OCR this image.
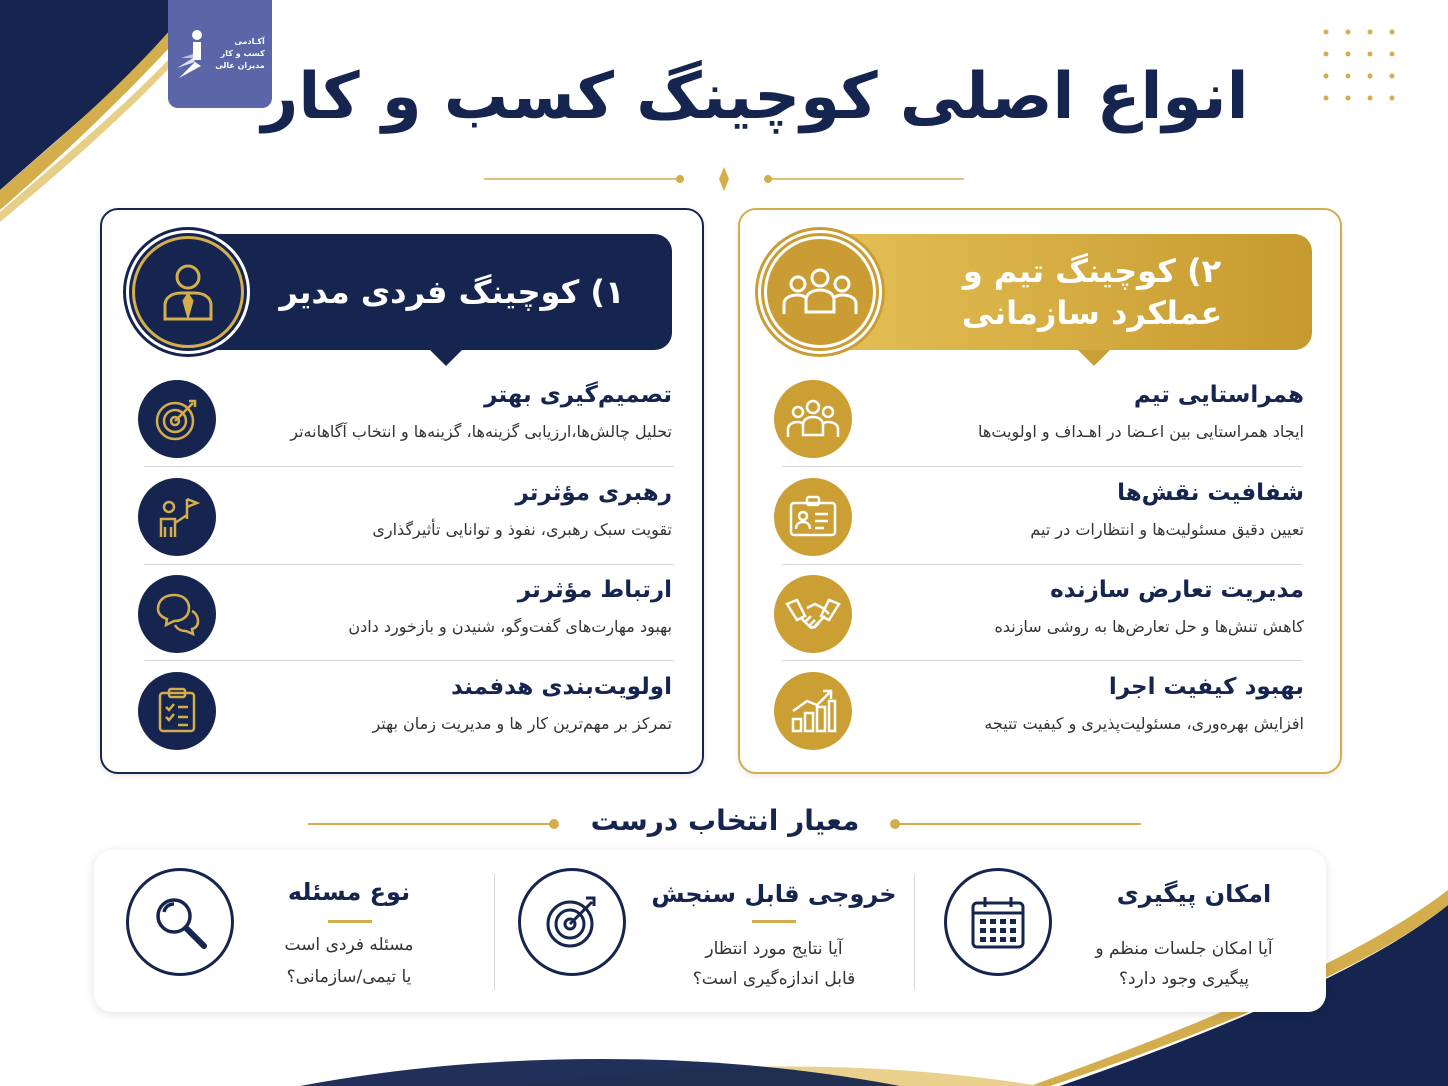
آکـادمی
کسب و کار
مدیران عالی
انواع اصلی کوچینگ کسب و کار
۱) کوچینگ فردی مدیر
تصمیم‌گیری بهتر
تحلیل چالش‌ها،ارزیابی گزینه‌ها، گزینه‌ها و انتخاب آگاهانه‌تر
رهبری مؤثرتر
تقویت سبک رهبری، نفوذ و توانایی تأثیرگذاری
ارتباط مؤثرتر
بهبود مهارت‌های گفت‌وگو، شنیدن و بازخورد دادن
اولویت‌بندی هدفمند
تمرکز بر مهم‌ترین کار ها و مدیریت زمان بهتر
۲) کوچینگ تیم و
عملکرد سازمانی
همراستایی تیم
ایجاد همراستایی بین اعـضا در اهـداف و اولویت‌ها
شفافیت نقش‌ها
تعیین دقیق مسئولیت‌ها و انتظارات در تیم
مدیریت تعارض سازنده
کاهش تنش‌ها و حل تعارض‌ها به روشی سازنده
بهبود کیفیت اجرا
افزایش بهره‌وری، مسئولیت‌پذیری و کیفیت تتیجه
معیار انتخاب درست
امکان پیگیری
آیا امکان جلسات منظم و
پیگیری وجود دارد؟
خروجی قابل سنجش
آیا نتایج مورد انتظار
قابل اندازه‌گیری است؟
نوع مسئله
مسئله فردی است
یا تیمی/سازمانی؟
